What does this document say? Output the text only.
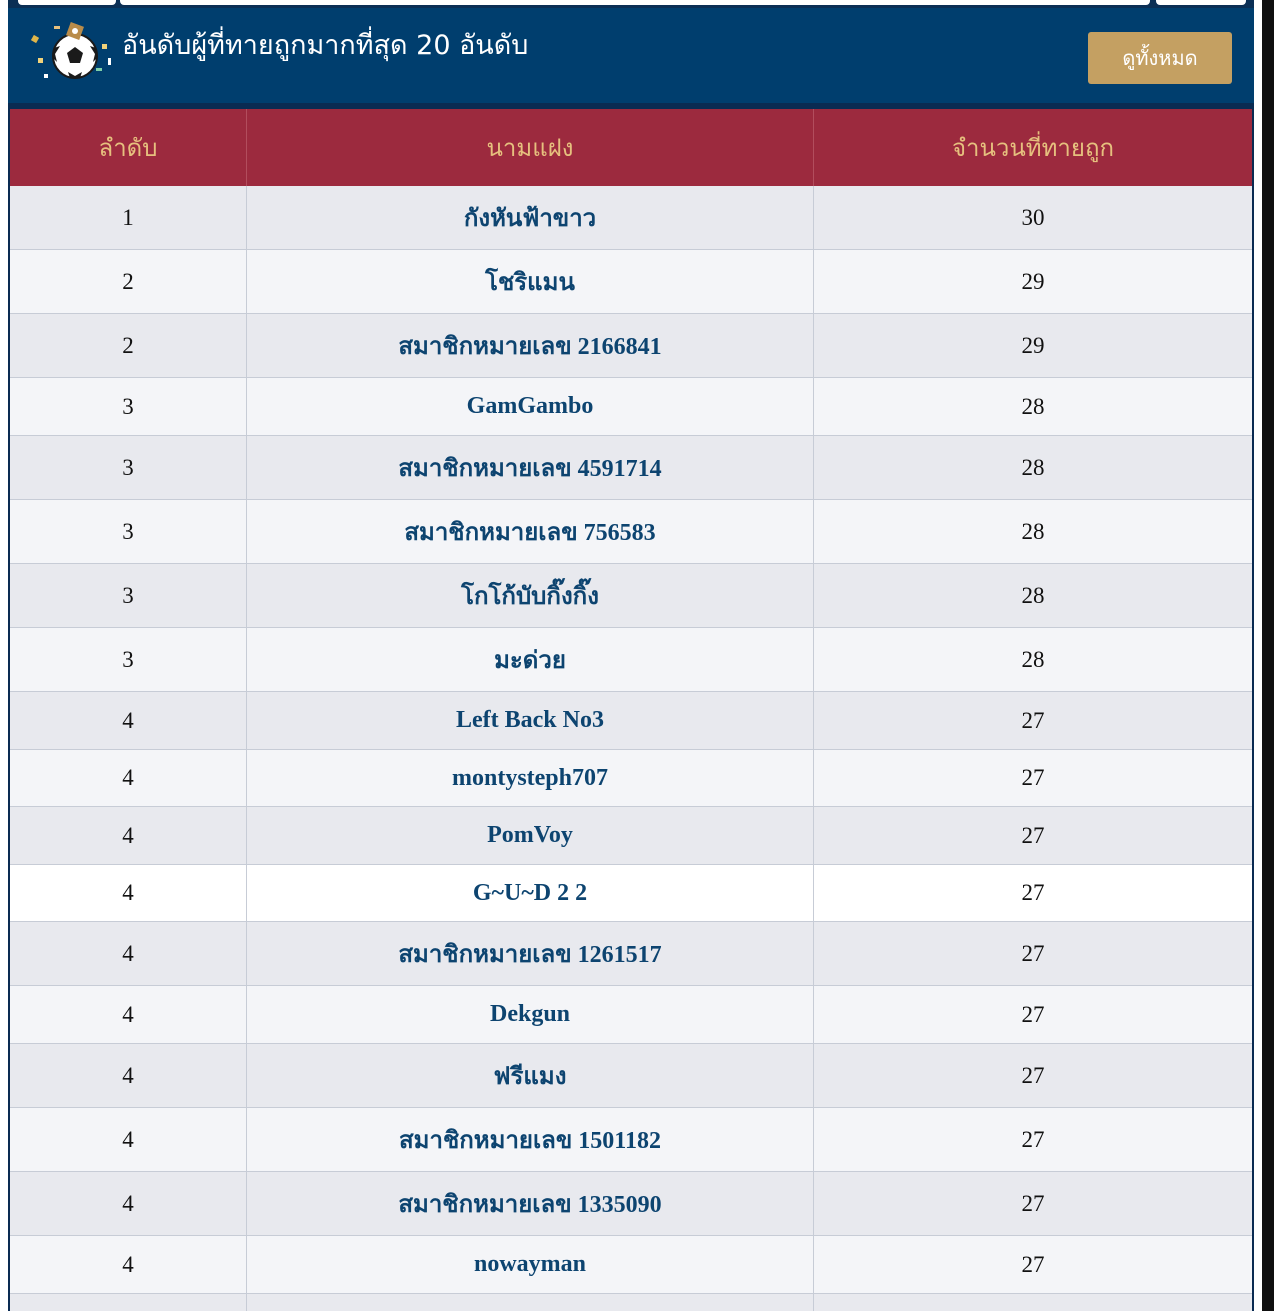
อันดับผู้ที่ทายถูกมากที่สุด 20 อันดับ	ดูทั้งหมด
ลำดับ	นามแฝง	จำนวนที่ทายถูก
1	กังหันฟ้าขาว	30
2	โชริแมน	29
2	สมาชิกหมายเลข 2166841	29
3	GamGambo	28
3	สมาชิกหมายเลข 4591714	28
3	สมาชิกหมายเลข 756583	28
3	โกโก้บับกิ๊งกิ๊ง	28
3	มะด่วย	28
4	Left Back No3	27
4	montysteph707	27
4	PomVoy	27
4	G~U~D 2 2	27
4	สมาชิกหมายเลข 1261517	27
4	Dekgun	27
4	ฟรีแมง	27
4	สมาชิกหมายเลข 1501182	27
4	สมาชิกหมายเลข 1335090	27
4	nowayman	27
